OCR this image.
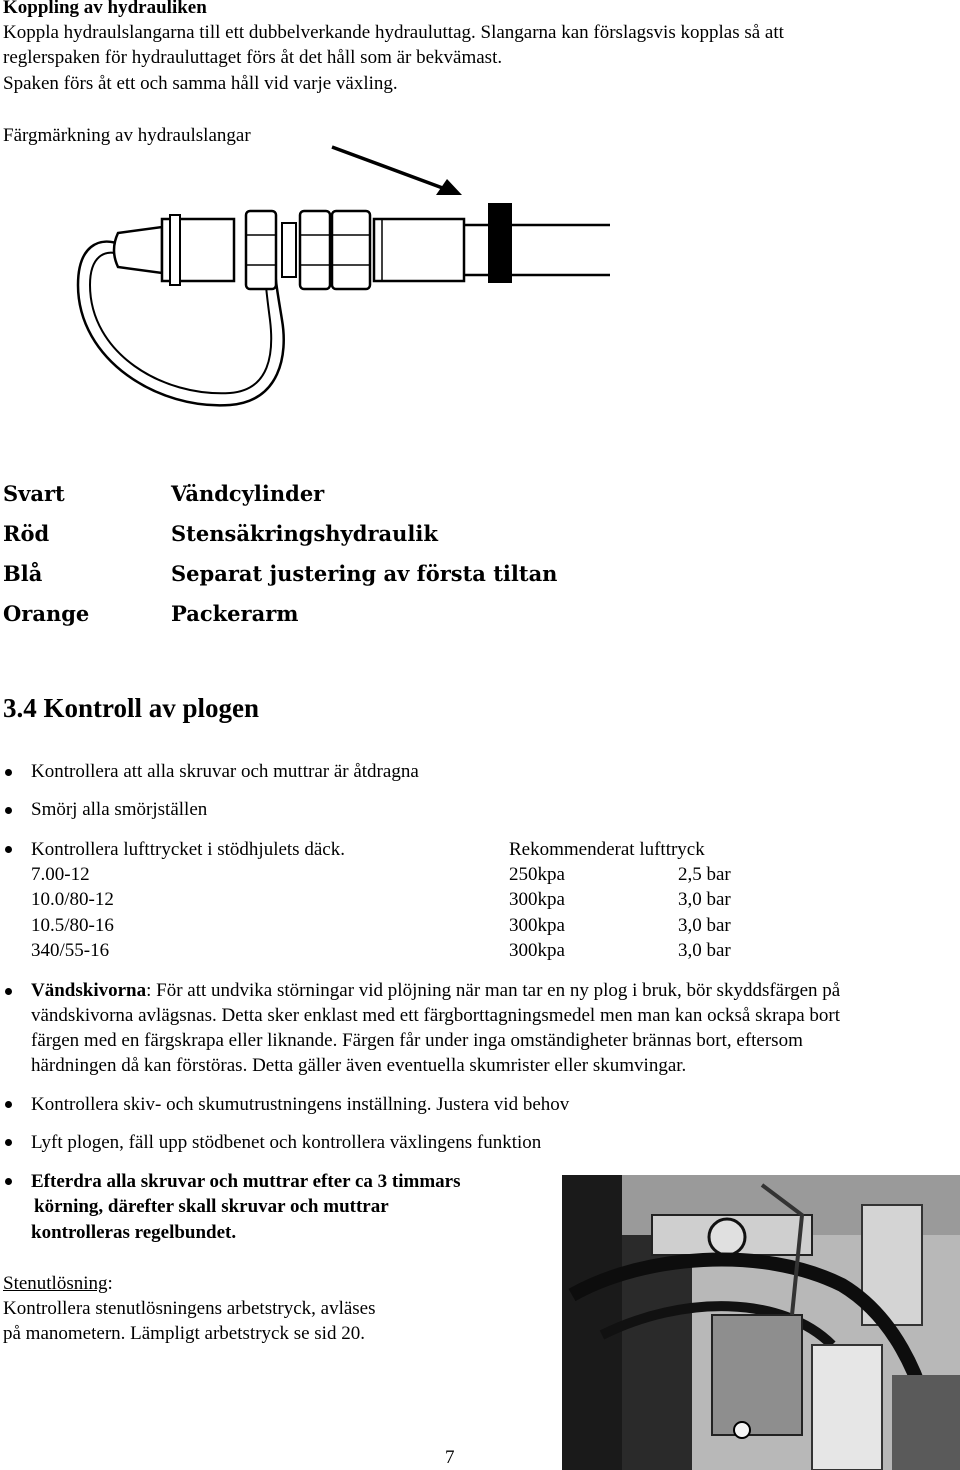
Koppling av hydrauliken
Koppla hydraulslangarna till ett dubbelverkande hydrauluttag. Slangarna kan förslagsvis kopplas så att
reglerspaken för hydrauluttaget förs åt det håll som är bekvämast.
Spaken förs åt ett och samma håll vid varje växling.
Färgmärkning av hydraulslangar
Svart	Vändcylinder
Röd	Stensäkringshydraulik
Blå	Separat justering av första tiltan
Orange	Packerarm
3.4 Kontroll av plogen
Kontrollera att alla skruvar och muttrar är åtdragna
Smörj alla smörjställen
Kontrollera lufttrycket i stödhjulets däck.	Rekommenderat lufttryck
7.00-12	250kpa	2,5 bar
10.0/80-12	300kpa	3,0 bar
10.5/80-16	300kpa	3,0 bar
340/55-16	300kpa	3,0 bar
Vändskivorna: För att undvika störningar vid plöjning när man tar en ny plog i bruk, bör skyddsfärgen på
vändskivorna avlägsnas. Detta sker enklast med ett färgborttagningsmedel men man kan också skrapa bort
färgen med en färgskrapa eller liknande. Färgen får under inga omständigheter brännas bort, eftersom
härdningen då kan förstöras. Detta gäller även eventuella skumrister eller skumvingar.
Kontrollera skiv- och skumutrustningens inställning. Justera vid behov
Lyft plogen, fäll upp stödbenet och kontrollera växlingens funktion
Efterdra alla skruvar och muttrar efter ca 3 timmars
körning, därefter skall skruvar och muttrar
kontrolleras regelbundet.
Stenutlösning:
Kontrollera stenutlösningens arbetstryck, avläses
på manometern. Lämpligt arbetstryck se sid 20.
7
